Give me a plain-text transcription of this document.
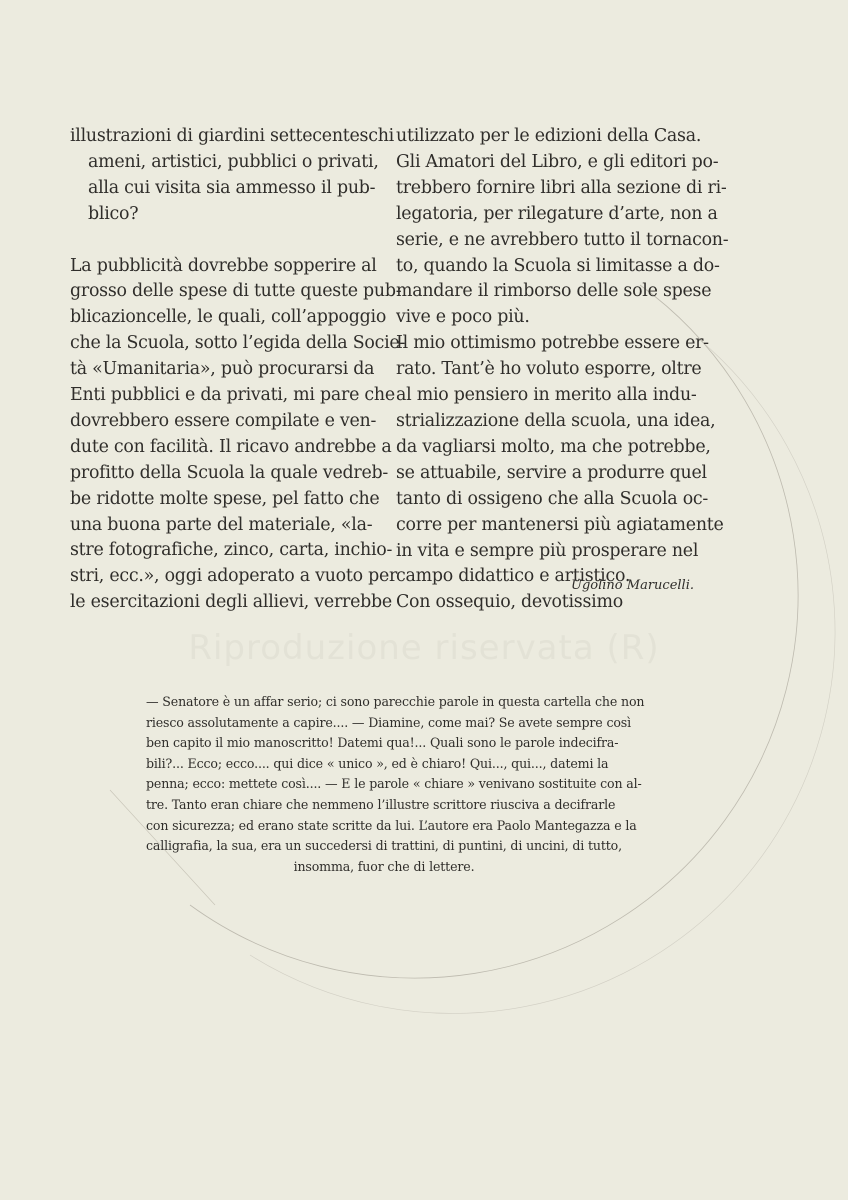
Riproduzione riservata (R)
illustrazioni di giardini settecenteschi
ameni, artistici, pubblici o privati,
alla cui visita sia ammesso il pub-
blico?
La pubblicità dovrebbe sopperire al
grosso delle spese di tutte queste pub-
blicazioncelle, le quali, coll’appoggio
che la Scuola, sotto l’egida della Socie-
tà «Umanitaria», può procurarsi da
Enti pubblici e da privati, mi pare che
dovrebbero essere compilate e ven-
dute con facilità. Il ricavo andrebbe a
profitto della Scuola la quale vedreb-
be ridotte molte spese, pel fatto che
una buona parte del materiale, «la-
stre fotografiche, zinco, carta, inchio-
stri, ecc.», oggi adoperato a vuoto per
le esercitazioni degli allievi, verrebbe
utilizzato per le edizioni della Casa.
Gli Amatori del Libro, e gli editori po-
trebbero fornire libri alla sezione di ri-
legatoria, per rilegature d’arte, non a
serie, e ne avrebbero tutto il tornacon-
to, quando la Scuola si limitasse a do-
mandare il rimborso delle sole spese
vive e poco più.
Il mio ottimismo potrebbe essere er-
rato. Tant’è ho voluto esporre, oltre
al mio pensiero in merito alla indu-
strializzazione della scuola, una idea,
da vagliarsi molto, ma che potrebbe,
se attuabile, servire a produrre quel
tanto di ossigeno che alla Scuola oc-
corre per mantenersi più agiatamente
in vita e sempre più prosperare nel
campo didattico e artistico.
Con ossequio, devotissimo
Ugolino Marucelli.
— Senatore è un affar serio; ci sono parecchie parole in questa cartella che non
riesco assolutamente a capire.... — Diamine, come mai? Se avete sempre così
ben capito il mio manoscritto! Datemi qua!... Quali sono le parole indecifra-
bili?... Ecco; ecco.... qui dice « unico », ed è chiaro! Qui..., qui..., datemi la
penna; ecco: mettete così.... — E le parole « chiare » venivano sostituite con al-
tre. Tanto eran chiare che nemmeno l’illustre scrittore riusciva a decifrarle
con sicurezza; ed erano state scritte da lui. L’autore era Paolo Mantegazza e la
calligrafia, la sua, era un succedersi di trattini, di puntini, di uncini, di tutto,
insomma, fuor che di lettere.
